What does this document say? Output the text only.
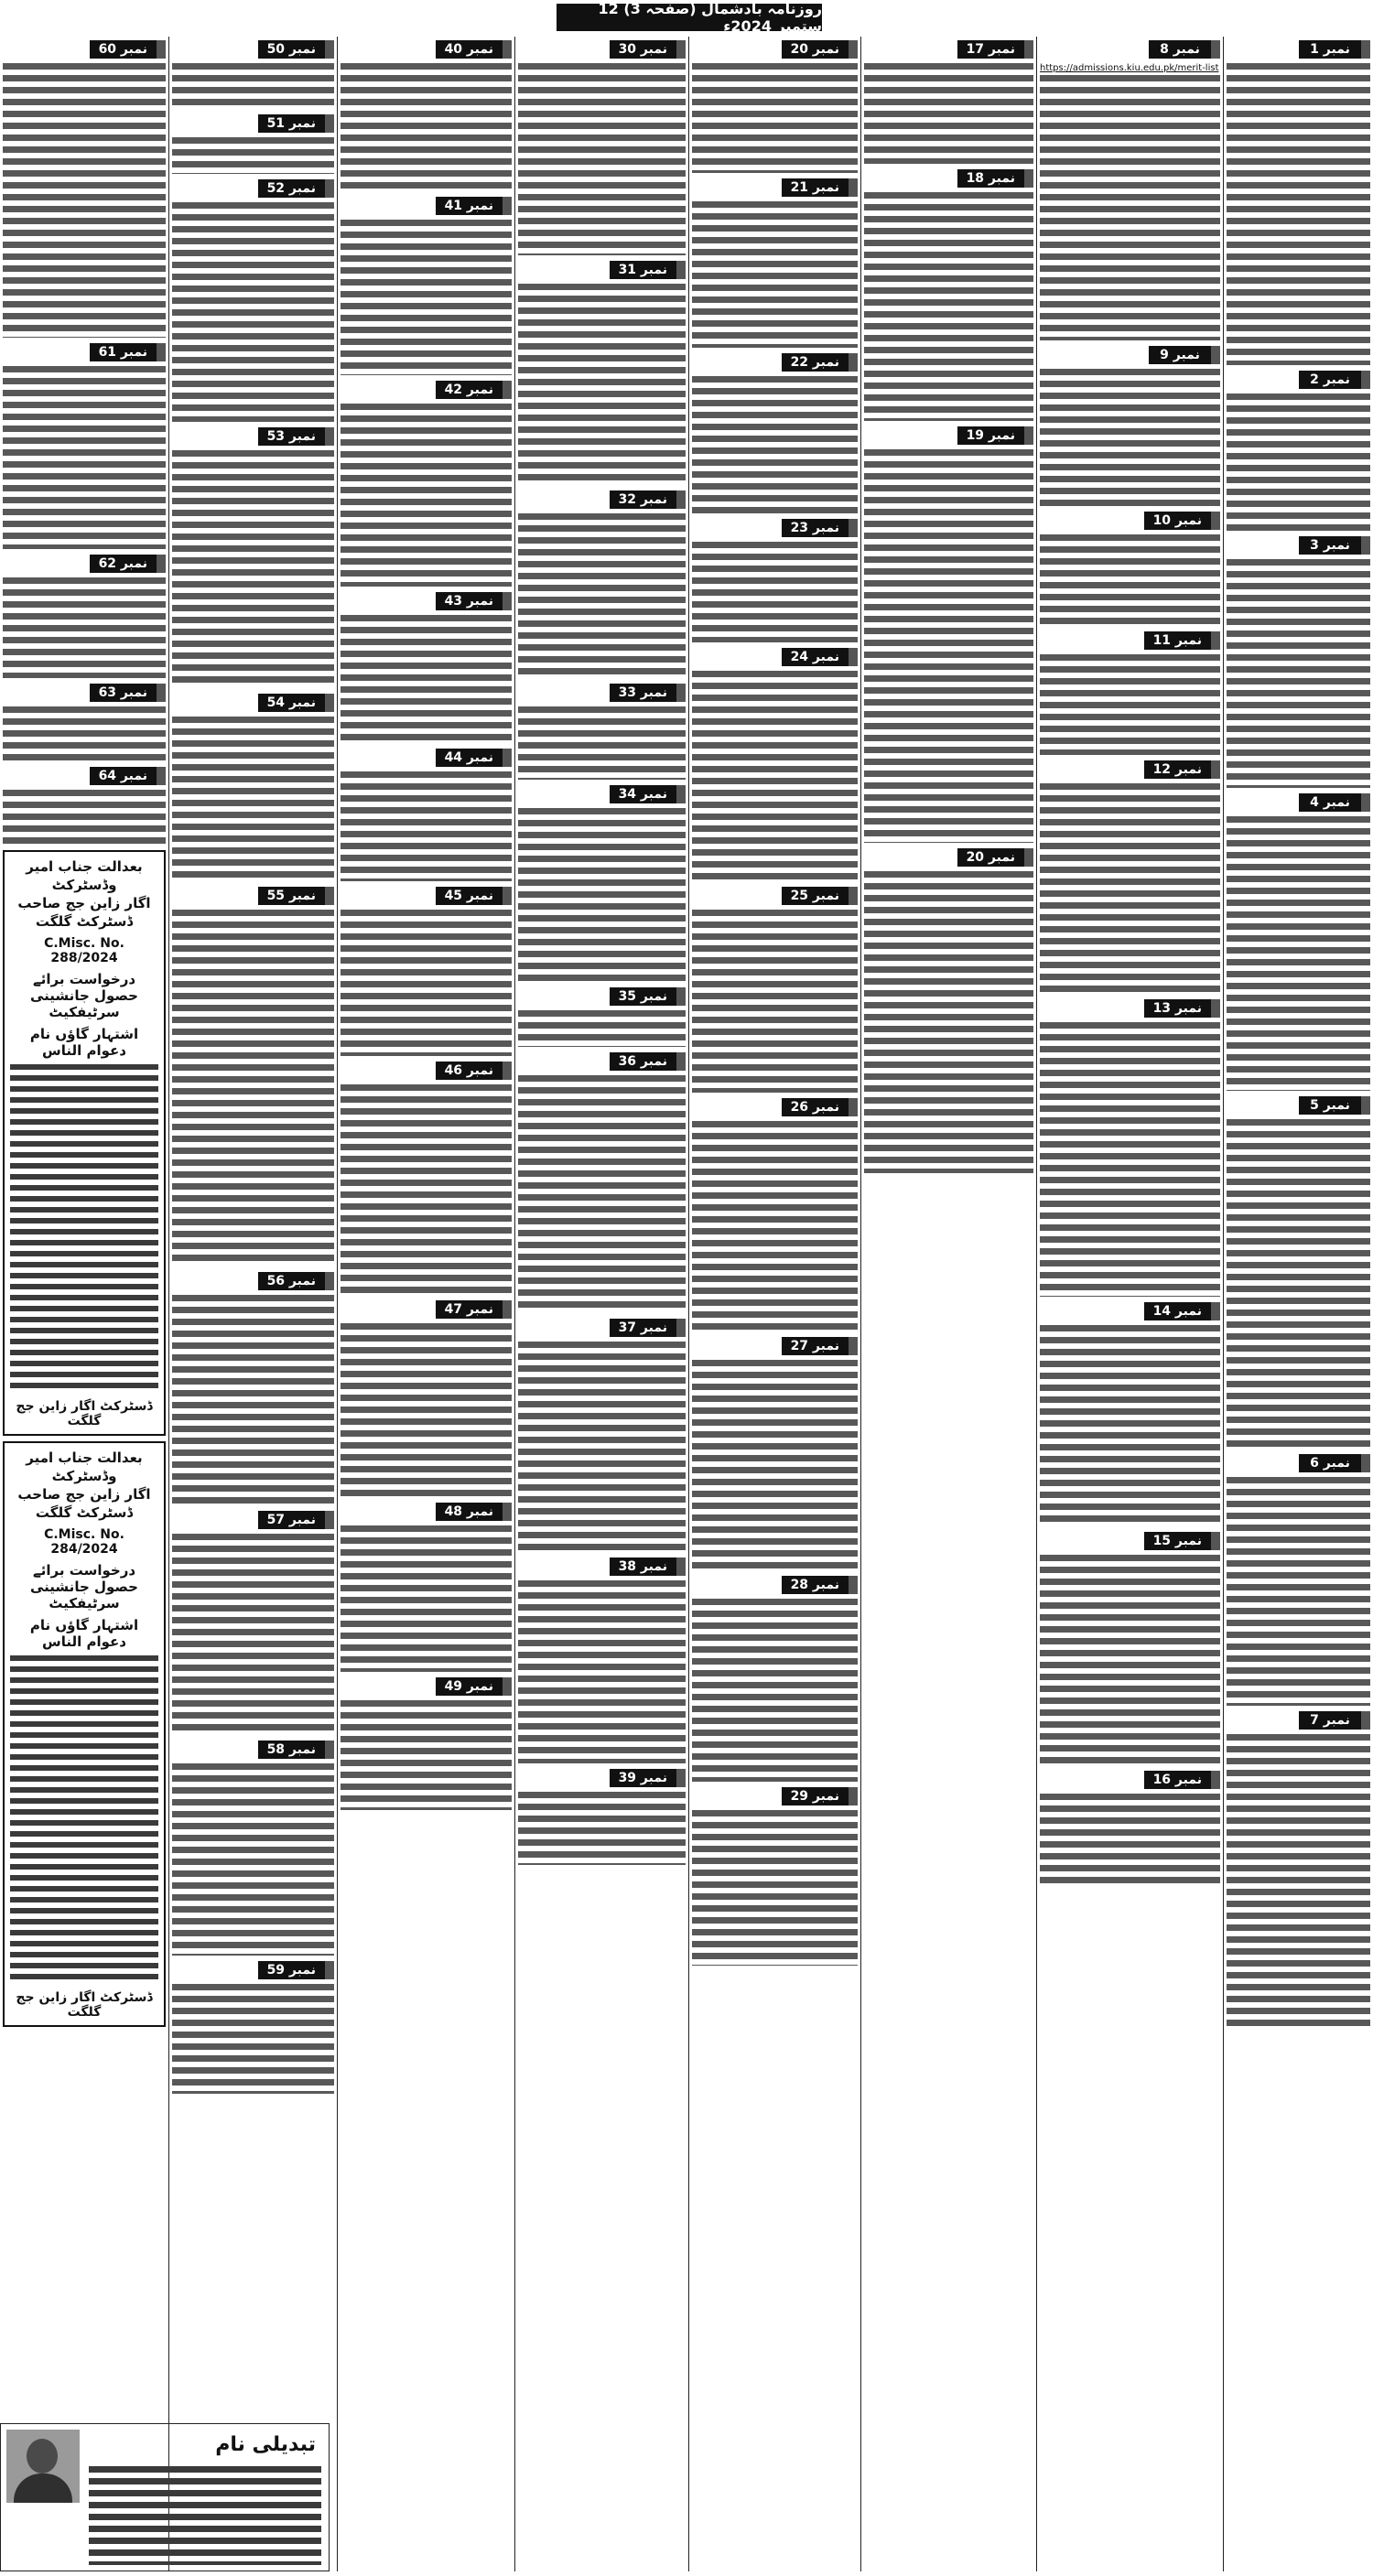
روزنامہ بادشمال (صفحہ 3) 12 ستمبر 2024ء
نمبر 1
نمبر 2
نمبر 3
نمبر 4
نمبر 5
نمبر 6
نمبر 7
نمبر 8
https://admissions.kiu.edu.pk/merit-list
نمبر 9
نمبر 10
نمبر 11
نمبر 12
نمبر 13
نمبر 14
نمبر 15
نمبر 16
نمبر 17
نمبر 18
نمبر 19
نمبر 20
نمبر 20
نمبر 21
نمبر 22
نمبر 23
نمبر 24
نمبر 25
نمبر 26
نمبر 27
نمبر 28
نمبر 29
نمبر 30
نمبر 31
نمبر 32
نمبر 33
نمبر 34
نمبر 35
نمبر 36
نمبر 37
نمبر 38
نمبر 39
نمبر 40
نمبر 41
نمبر 42
نمبر 43
نمبر 44
نمبر 45
نمبر 46
نمبر 47
نمبر 48
نمبر 49
نمبر 50
نمبر 51
نمبر 52
نمبر 53
نمبر 54
نمبر 55
نمبر 56
نمبر 57
نمبر 58
نمبر 59
نمبر 60
نمبر 61
نمبر 62
نمبر 63
نمبر 64
بعدالت جناب امیر وڈسٹرکٹ
اگار زاین جج صاحب ڈسٹرکٹ گلگت
C.Misc. No. 288/2024
درخواست برائے حصول جانشینی سرٹیفکیٹ
اشتہار گاؤں نام دعوام الناس
ڈسٹرکٹ اگار زاین جج گلگت
بعدالت جناب امیر وڈسٹرکٹ
اگار زاین جج صاحب ڈسٹرکٹ گلگت
C.Misc. No. 284/2024
درخواست برائے حصول جانشینی سرٹیفکیٹ
اشتہار گاؤں نام دعوام الناس
ڈسٹرکٹ اگار زاین جج گلگت
تبدیلی نام
